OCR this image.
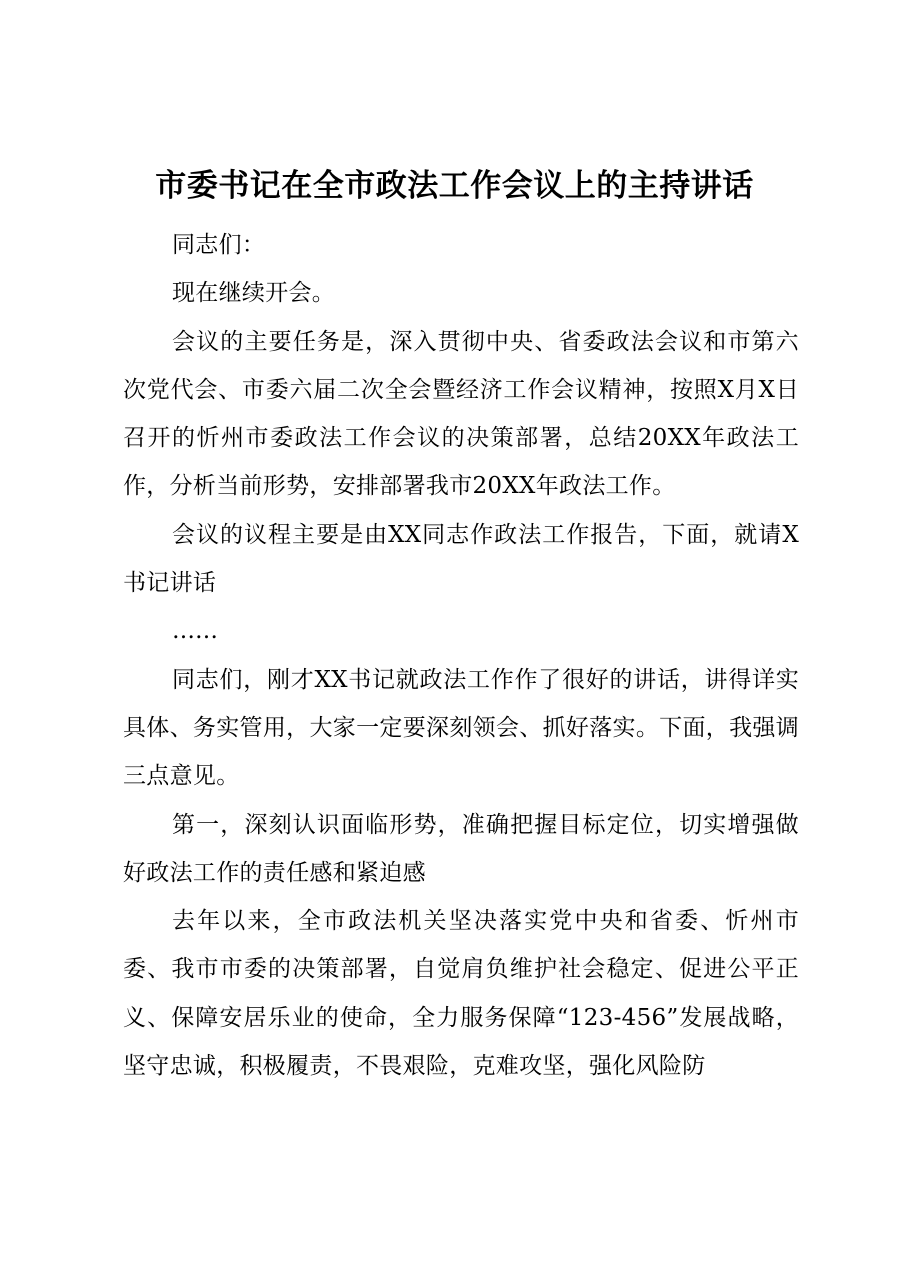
市委书记在全市政法工作会议上的主持讲话

同志们：

现在继续开会。

会议的主要任务是，深入贯彻中央、省委政法会议和市第六次党代会、市委六届二次全会暨经济工作会议精神，按照X月X日召开的忻州市委政法工作会议的决策部署，总结20XX年政法工作，分析当前形势，安排部署我市20XX年政法工作。

会议的议程主要是由XX同志作政法工作报告，下面，就请X书记讲话

……

同志们，刚才XX书记就政法工作作了很好的讲话，讲得详实具体、务实管用，大家一定要深刻领会、抓好落实。下面，我强调三点意见。

第一，深刻认识面临形势，准确把握目标定位，切实增强做好政法工作的责任感和紧迫感

去年以来，全市政法机关坚决落实党中央和省委、忻州市委、我市市委的决策部署，自觉肩负维护社会稳定、促进公平正义、保障安居乐业的使命，全力服务保障“123-456”发展战略，坚守忠诚，积极履责，不畏艰险，克难攻坚，强化风险防
